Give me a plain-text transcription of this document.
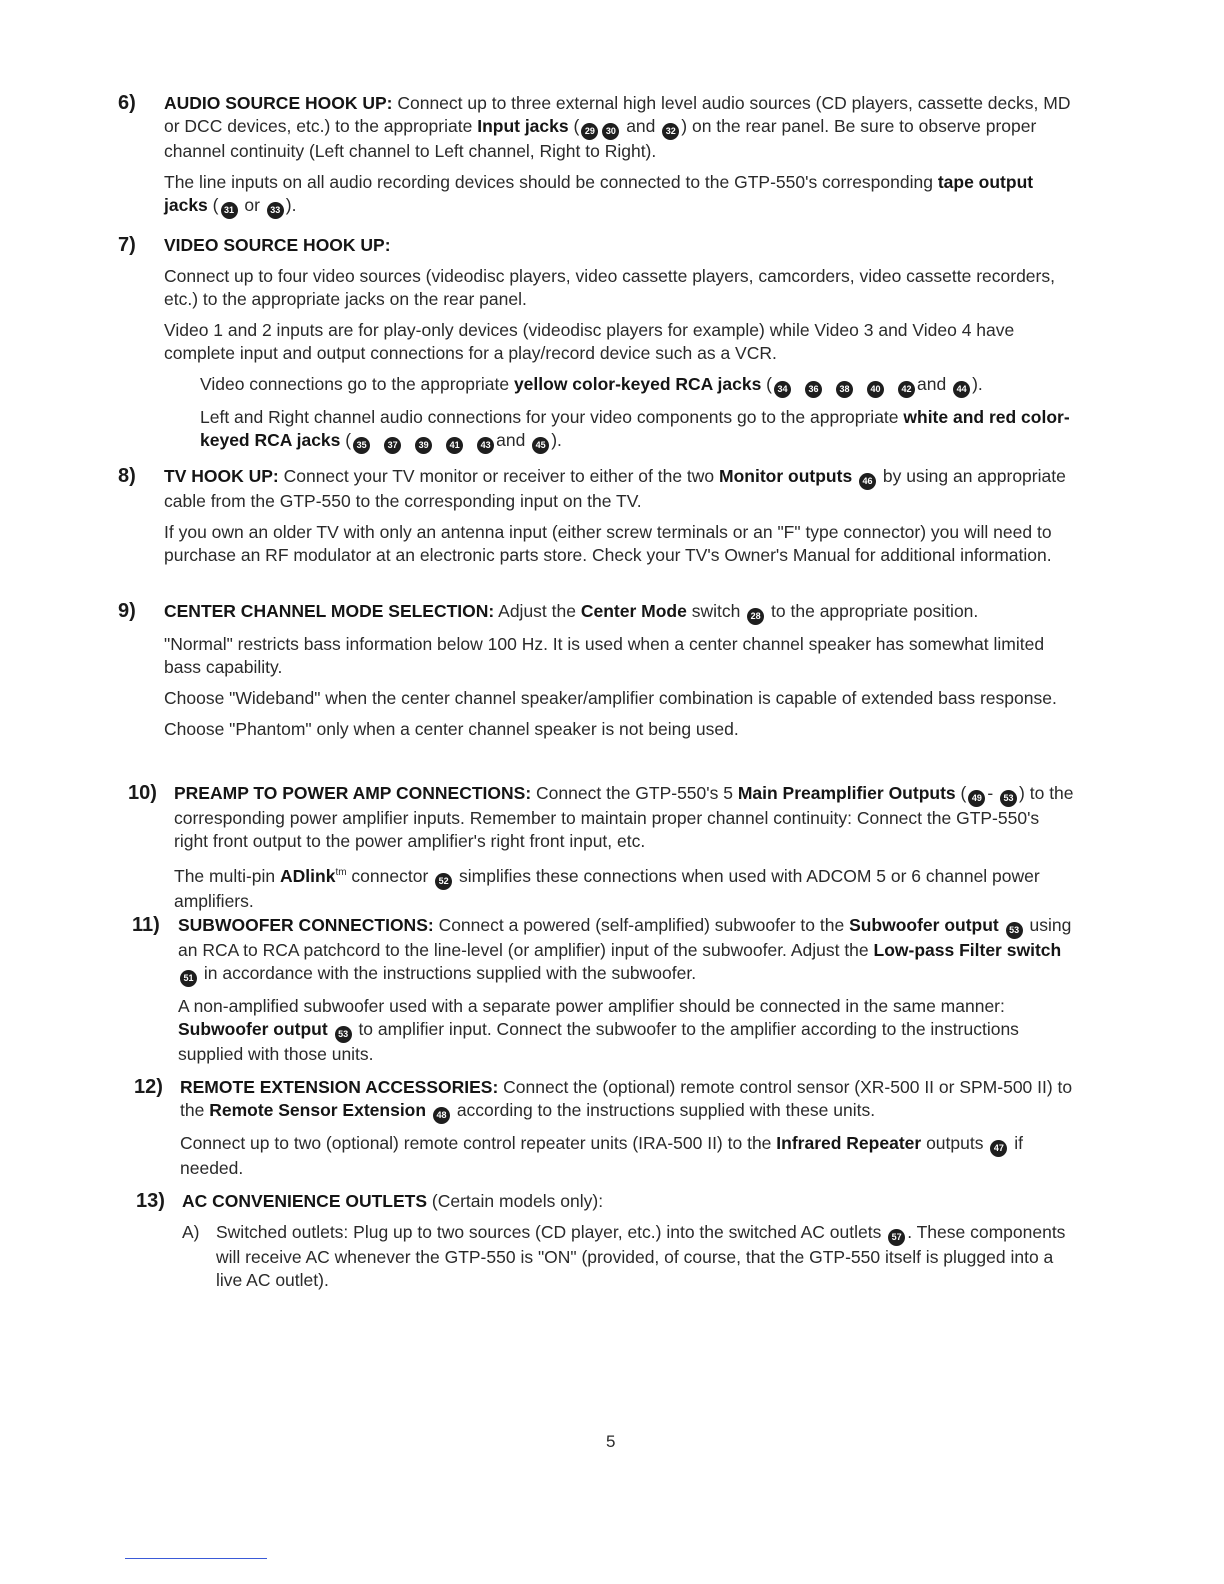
6) AUDIO SOURCE HOOK UP: Connect up to three external high level audio sources (CD players, cassette decks, MD or DCC devices, etc.) to the appropriate Input jacks ( 29 30 and 32 ) on the rear panel. Be sure to observe proper channel continuity (Left channel to Left channel, Right to Right).

The line inputs on all audio recording devices should be connected to the GTP-550's corresponding tape output jacks ( 31 or 33 ).

7) VIDEO SOURCE HOOK UP:

Connect up to four video sources (videodisc players, video cassette players, camcorders, video cassette recorders, etc.) to the appropriate jacks on the rear panel.

Video 1 and 2 inputs are for play-only devices (videodisc players for example) while Video 3 and Video 4 have complete input and output connections for a play/record device such as a VCR.

Video connections go to the appropriate yellow color-keyed RCA jacks ( 34 36 38 40 42 and 44 ).

Left and Right channel audio connections for your video components go to the appropriate white and red color-keyed RCA jacks ( 35 37 39 41 43 and 45 ).

8) TV HOOK UP: Connect your TV monitor or receiver to either of the two Monitor outputs 46 by using an appropriate cable from the GTP-550 to the corresponding input on the TV.

If you own an older TV with only an antenna input (either screw terminals or an "F" type connector) you will need to purchase an RF modulator at an electronic parts store. Check your TV's Owner's Manual for additional information.

9) CENTER CHANNEL MODE SELECTION: Adjust the Center Mode switch 28 to the appropriate position.

"Normal" restricts bass information below 100 Hz. It is used when a center channel speaker has somewhat limited bass capability.

Choose "Wideband" when the center channel speaker/amplifier combination is capable of extended bass response.

Choose "Phantom" only when a center channel speaker is not being used.

10) PREAMP TO POWER AMP CONNECTIONS: Connect the GTP-550's 5 Main Preamplifier Outputs ( 49 - 53 ) to the corresponding power amplifier inputs. Remember to maintain proper channel continuity: Connect the GTP-550's right front output to the power amplifier's right front input, etc.

The multi-pin ADlink$^{tm}$ connector 52 simplifies these connections when used with ADCOM 5 or 6 channel power amplifiers.

11) SUBWOOFER CONNECTIONS: Connect a powered (self-amplified) subwoofer to the Subwoofer output 53 using an RCA to RCA patchcord to the line-level (or amplifier) input of the subwoofer. Adjust the Low-pass Filter switch 51 in accordance with the instructions supplied with the subwoofer.

A non-amplified subwoofer used with a separate power amplifier should be connected in the same manner: Subwoofer output 53 to amplifier input. Connect the subwoofer to the amplifier according to the instructions supplied with those units.

12) REMOTE EXTENSION ACCESSORIES: Connect the (optional) remote control sensor (XR-500 II or SPM-500 II) to the Remote Sensor Extension 48 according to the instructions supplied with these units.

Connect up to two (optional) remote control repeater units (IRA-500 II) to the Infrared Repeater outputs 47 if needed.

13) AC CONVENIENCE OUTLETS (Certain models only):

A) Switched outlets: Plug up to two sources (CD player, etc.) into the switched AC outlets 57 . These components will receive AC whenever the GTP-550 is "ON" (provided, of course, that the GTP-550 itself is plugged into a live AC outlet).

5
